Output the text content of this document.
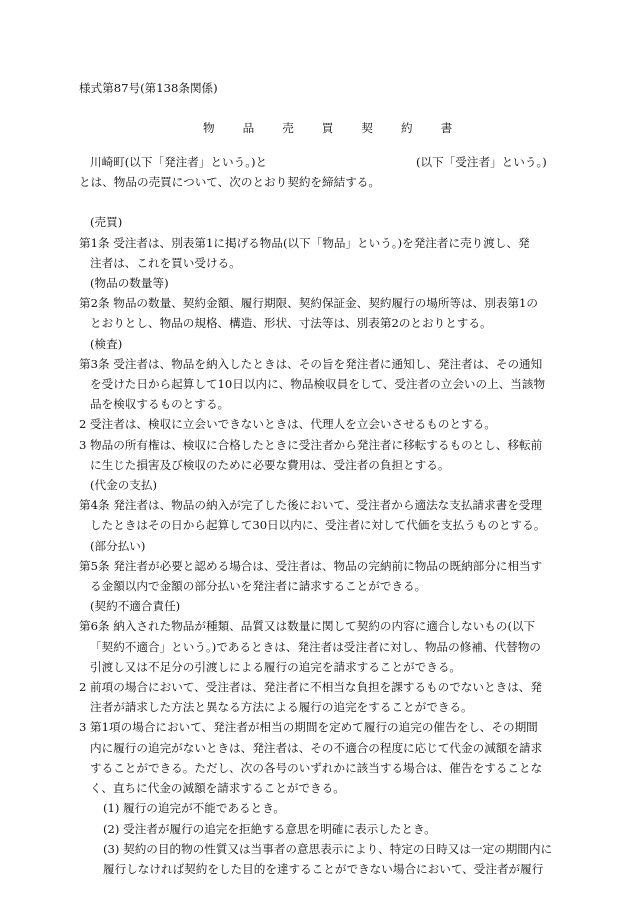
様式第87号(第138条関係)
物品売買契約書
川崎町(以下「発注者」という。)と	(以下「受注者」という。)
とは、物品の売買について、次のとおり契約を締結する。
(売買)
第1条 受注者は、別表第1に掲げる物品(以下「物品」という。)を発注者に売り渡し、発
注者は、これを買い受ける。
(物品の数量等)
第2条 物品の数量、契約金額、履行期限、契約保証金、契約履行の場所等は、別表第1の
とおりとし、物品の規格、構造、形状、寸法等は、別表第2のとおりとする。
(検査)
第3条 受注者は、物品を納入したときは、その旨を発注者に通知し、発注者は、その通知
を受けた日から起算して10日以内に、物品検収員をして、受注者の立会いの上、当該物
品を検収するものとする。
2 受注者は、検収に立会いできないときは、代理人を立会いさせるものとする。
3 物品の所有権は、検収に合格したときに受注者から発注者に移転するものとし、移転前
に生じた損害及び検収のために必要な費用は、受注者の負担とする。
(代金の支払)
第4条 発注者は、物品の納入が完了した後において、受注者から適法な支払請求書を受理
したときはその日から起算して30日以内に、受注者に対して代価を支払うものとする。
(部分払い)
第5条 発注者が必要と認める場合は、受注者は、物品の完納前に物品の既納部分に相当す
る金額以内で金額の部分払いを発注者に請求することができる。
(契約不適合責任)
第6条 納入された物品が種類、品質又は数量に関して契約の内容に適合しないもの(以下
「契約不適合」という。)であるときは、発注者は受注者に対し、物品の修補、代替物の
引渡し又は不足分の引渡しによる履行の追完を請求することができる。
2 前項の場合において、受注者は、発注者に不相当な負担を課するものでないときは、発
注者が請求した方法と異なる方法による履行の追完をすることができる。
3 第1項の場合において、発注者が相当の期間を定めて履行の追完の催告をし、その期間
内に履行の追完がないときは、発注者は、その不適合の程度に応じて代金の減額を請求
することができる。ただし、次の各号のいずれかに該当する場合は、催告をすることな
く、直ちに代金の減額を請求することができる。
(1) 履行の追完が不能であるとき。
(2) 受注者が履行の追完を拒絶する意思を明確に表示したとき。
(3) 契約の目的物の性質又は当事者の意思表示により、特定の日時又は一定の期間内に
履行しなければ契約をした目的を達することができない場合において、受注者が履行
